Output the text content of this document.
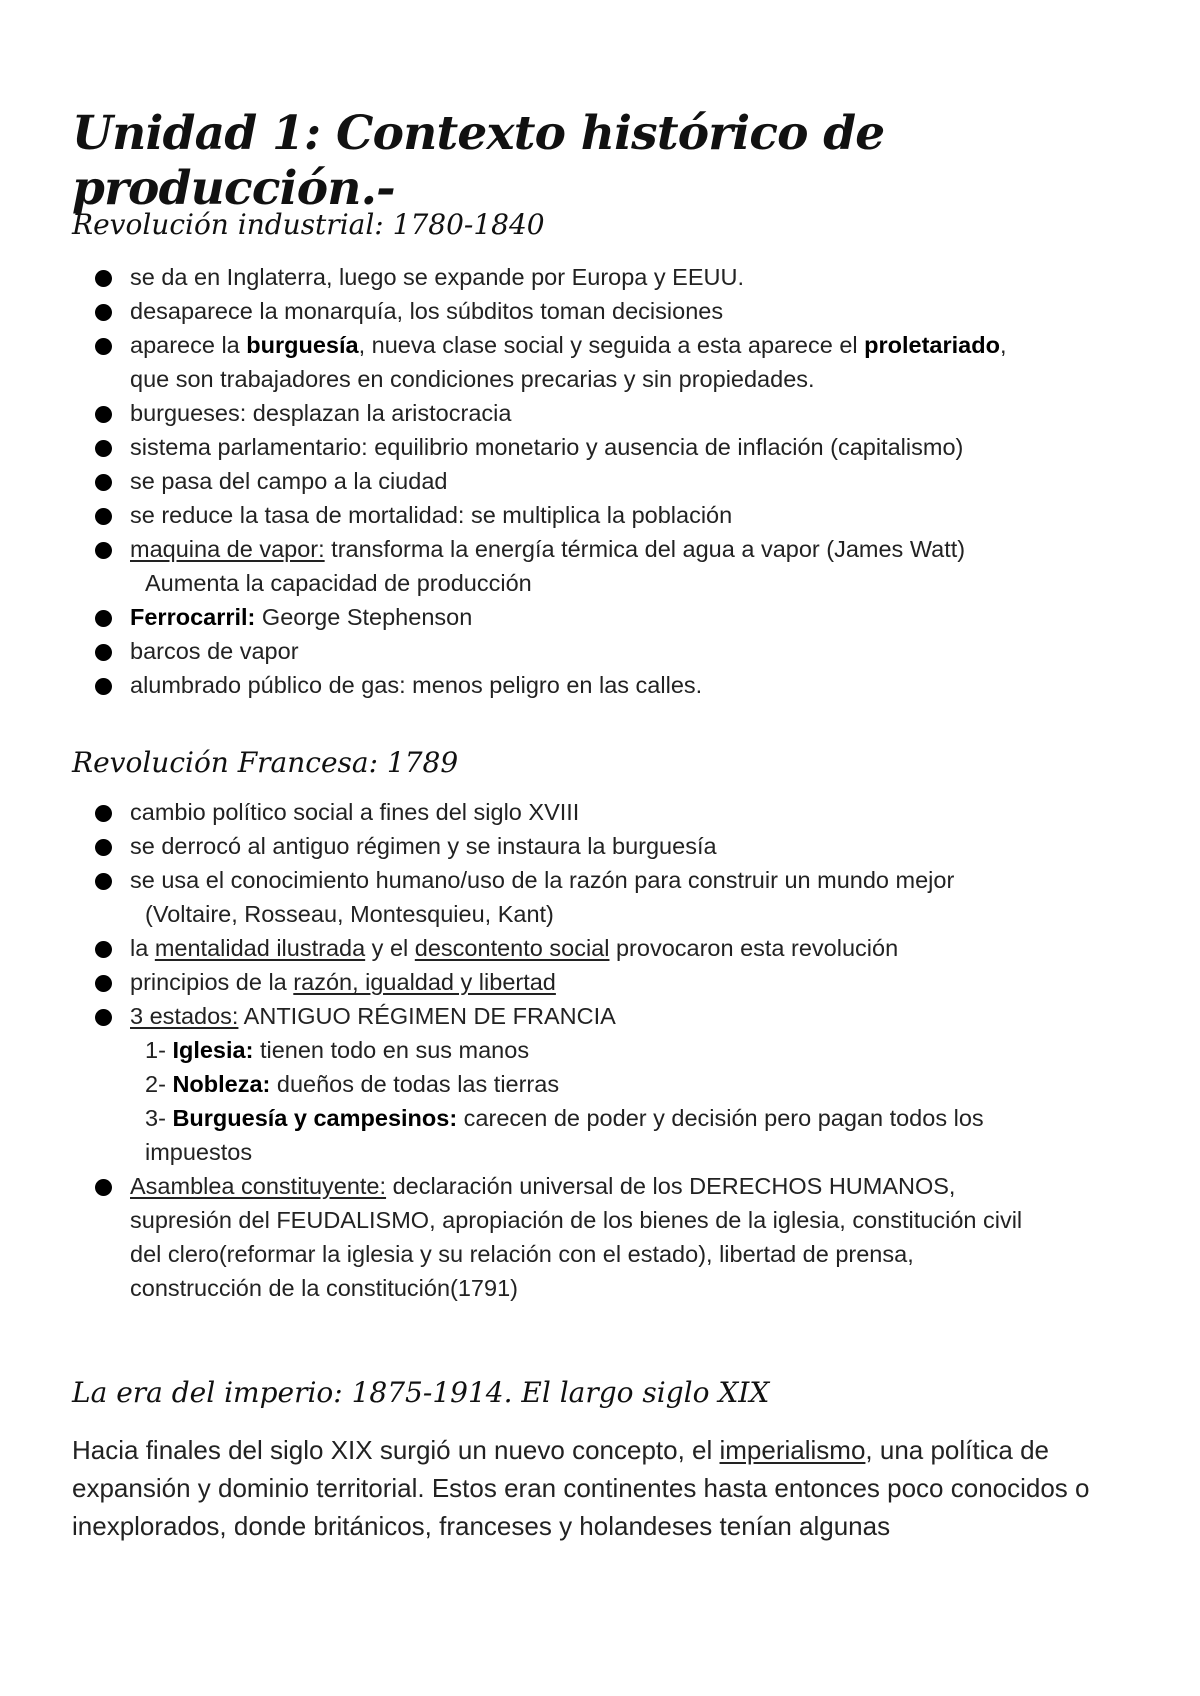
Unidad 1: Contexto histórico de producción.-
Revolución industrial: 1780-1840
se da en Inglaterra, luego se expande por Europa y EEUU.
desaparece la monarquía, los súbditos toman decisiones
aparece la burguesía, nueva clase social y seguida a esta aparece el proletariado,
que son trabajadores en condiciones precarias y sin propiedades.
burgueses: desplazan la aristocracia
sistema parlamentario: equilibrio monetario y ausencia de inflación (capitalismo)
se pasa del campo a la ciudad
se reduce la tasa de mortalidad: se multiplica la población
maquina de vapor: transforma la energía térmica del agua a vapor (James Watt)
Aumenta la capacidad de producción
Ferrocarril: George Stephenson
barcos de vapor
alumbrado público de gas: menos peligro en las calles.
Revolución Francesa: 1789
cambio político social a fines del siglo XVIII
se derrocó al antiguo régimen y se instaura la burguesía
se usa el conocimiento humano/uso de la razón para construir un mundo mejor
(Voltaire, Rosseau, Montesquieu, Kant)
la mentalidad ilustrada y el descontento social provocaron esta revolución
principios de la razón, igualdad y libertad
3 estados: ANTIGUO RÉGIMEN DE FRANCIA
1- Iglesia: tienen todo en sus manos
2- Nobleza: dueños de todas las tierras
3- Burguesía y campesinos: carecen de poder y decisión pero pagan todos los
impuestos
Asamblea constituyente: declaración universal de los DERECHOS HUMANOS,
supresión del FEUDALISMO, apropiación de los bienes de la iglesia, constitución civil
del clero(reformar la iglesia y su relación con el estado), libertad de prensa,
construcción de la constitución(1791)
La era del imperio: 1875-1914. El largo siglo XIX

Hacia finales del siglo XIX surgió un nuevo concepto, el imperialismo, una política de expansión y dominio territorial. Estos eran continentes hasta entonces poco conocidos o inexplorados, donde británicos, franceses y holandeses tenían algunas
